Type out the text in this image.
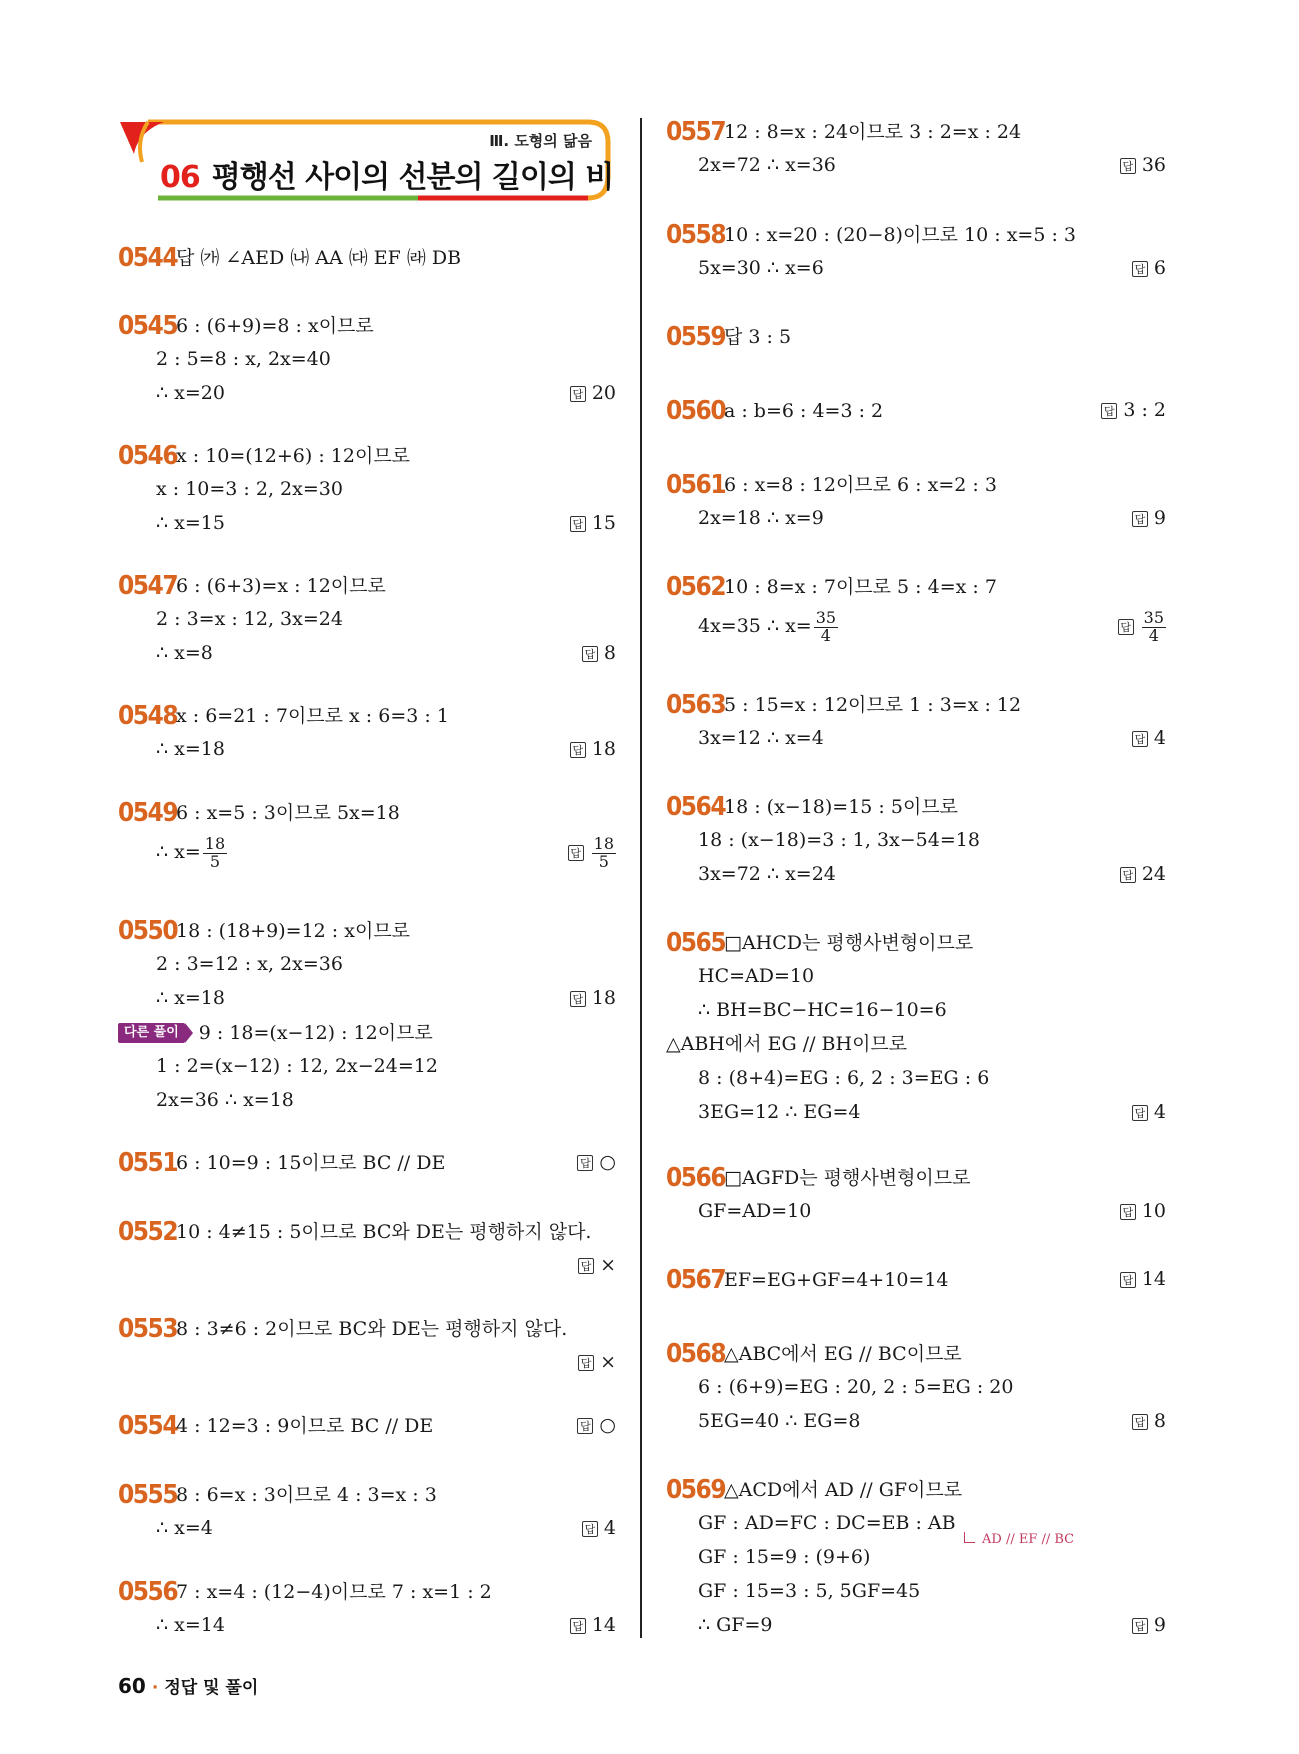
Ⅲ. 도형의 닮음
06 평행선 사이의 선분의 길이의 비
0544답 ㈎ ∠AED ㈏ AA ㈐ EF ㈑ DB
05456 : (6+9)=8 : x이므로
2 : 5=8 : x, 2x=40
∴ x=20 답	20
0546x : 10=(12+6) : 12이므로
x : 10=3 : 2, 2x=30
∴ x=15 답	15
05476 : (6+3)=x : 12이므로
2 : 3=x : 12, 3x=24
∴ x=8 답	8
0548x : 6=21 : 7이므로 x : 6=3 : 1
∴ x=18 답	18
05496 : x=5 : 3이므로 5x=18
∴ $x= \frac{18}{5}$
답	$\frac{18}{5}$
055018 : (18+9)=12 : x이므로
2 : 3=12 : x, 2x=36
∴ x=18 답	18
다른 풀이 9 : 18=(x−12) : 12이므로
1 : 2=(x−12) : 12, 2x−24=12
2x=36 ∴ x=18
05516 : 10=9 : 15이므로 BC // DE 답	○
055210 : 4≠15 : 5이므로 BC와 DE는 평행하지 않다.
답×
05538 : 3≠6 : 2이므로 BC와 DE는 평행하지 않다.
답×
05544 : 12=3 : 9이므로 BC // DE 답	○
05558 : 6=x : 3이므로 4 : 3=x : 3
∴ x=4 답	4
05567 : x=4 : (12−4)이므로 7 : x=1 : 2
∴ x=14 답	14
055712 : 8=x : 24이므로 3 : 2=x : 24
2x=72 ∴ x=36 답	36
055810 : x=20 : (20−8)이므로 10 : x=5 : 3
5x=30 ∴ x=6 답	6
0559답 3 : 5
0560a : b=6 : 4=3 : 2 답	3 : 2
05616 : x=8 : 12이므로 6 : x=2 : 3
2x=18 ∴ x=9 답	9
056210 : 8=x : 7이므로 5 : 4=x : 7
4x=35 ∴ $x= \frac{35}{4}$
답	$\frac{35}{4}$
05635 : 15=x : 12이므로 1 : 3=x : 12
3x=12 ∴ x=4 답	4
056418 : (x−18)=15 : 5이므로
18 : (x−18)=3 : 1, 3x−54=18
3x=72 ∴ x=24 답	24
0565□AHCD는 평행사변형이므로
HC=AD=10
∴ BH=BC−HC=16−10=6
△ABH에서 EG // BH이므로
8 : (8+4)=EG : 6, 2 : 3=EG : 6
3EG=12 ∴ EG=4 답	4
0566□AGFD는 평행사변형이므로
GF=AD=10 답	10
0567EF=EG+GF=4+10=14 답	14
0568△ABC에서 EG // BC이므로
6 : (6+9)=EG : 20, 2 : 5=EG : 20
5EG=40 ∴ EG=8 답	8
0569△ACD에서 AD // GF이므로
GF : AD=FC : DC=EB : AB
GF : 15=9 : (9+6)
GF : 15=3 : 5, 5GF=45
∴ GF=9 답	9
AD // EF // BC
60 · 정답 및 풀이
